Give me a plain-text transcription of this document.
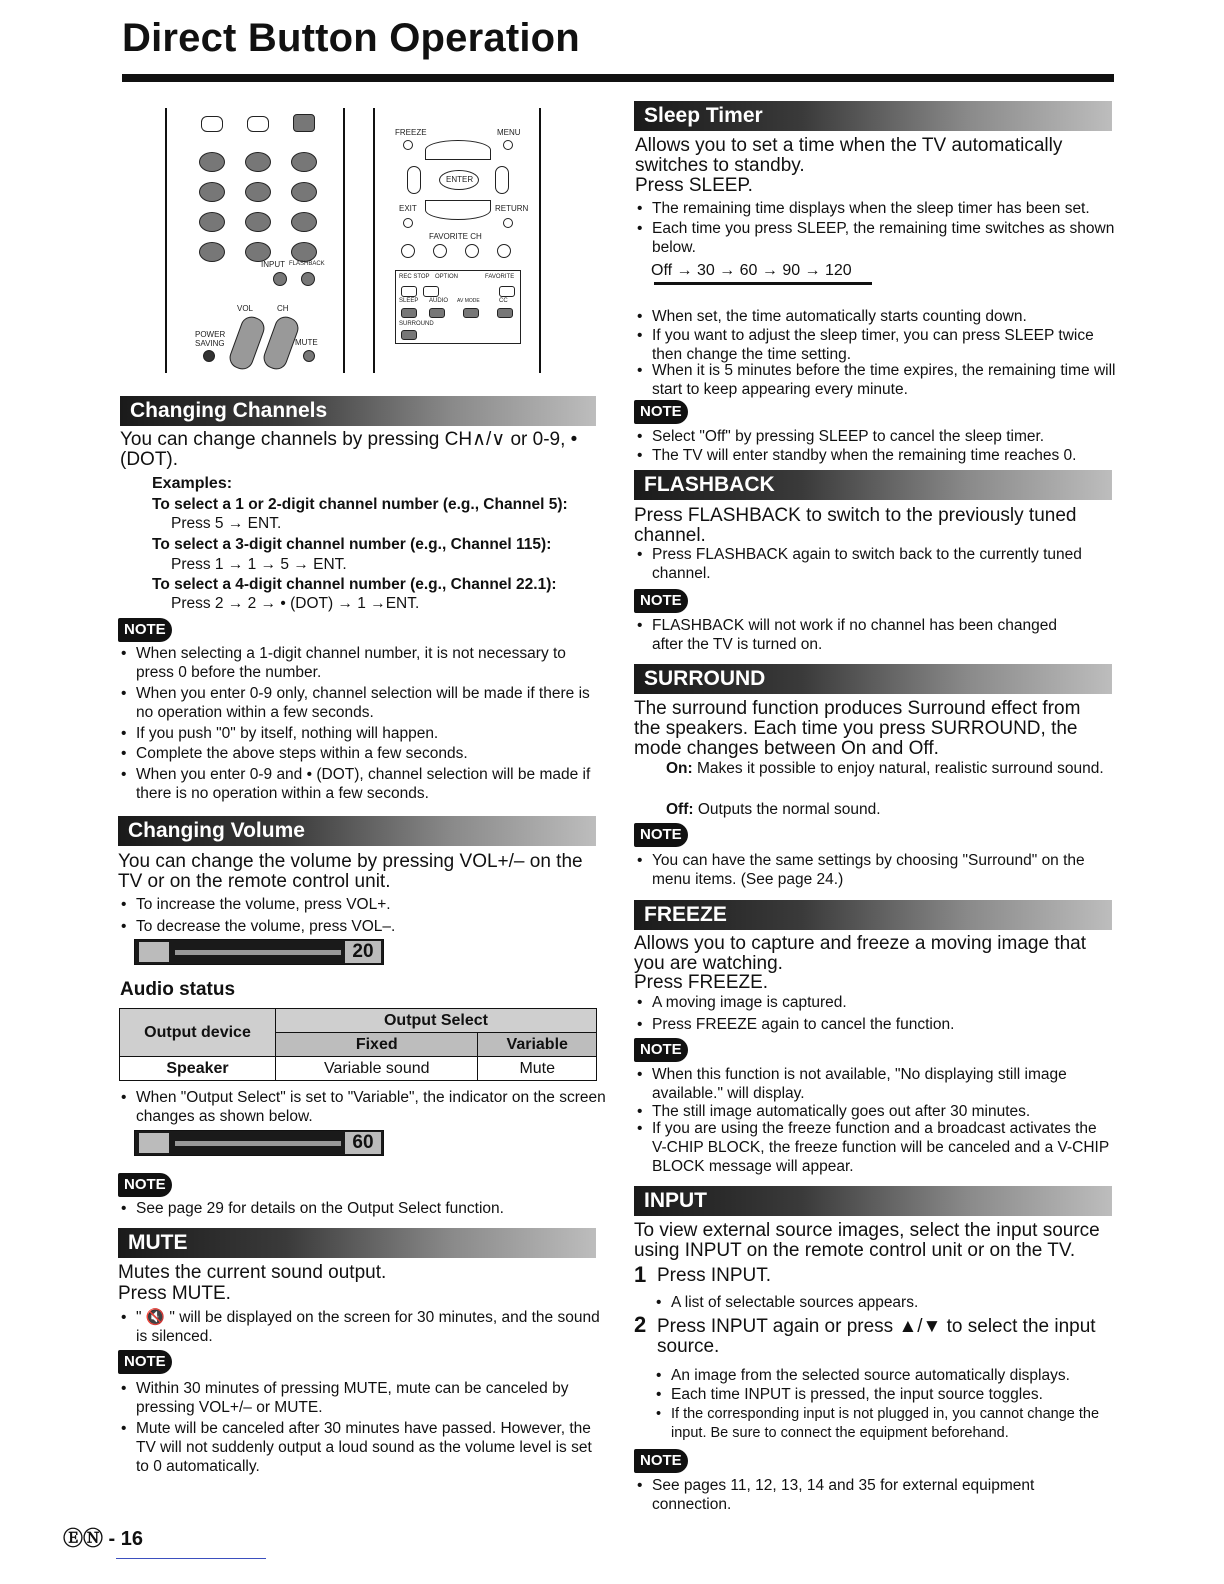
Direct Button Operation
INPUT FLASHBACK
VOL	CH
POWER
SAVING	MUTE
FREEZE	MENU
ENTER
EXIT	RETURN
FAVORITE CH
REC STOP OPTION	FAVORITE
SLEEP AUDIO AV MODE	CC
SURROUND
Changing Channels

You can change channels by pressing CH∧/∨ or 0-9, • (DOT).

Examples:

To select a 1 or 2-digit channel number (e.g., Channel 5):

Press 5 → ENT.

To select a 3-digit channel number (e.g., Channel 115):

Press 1 → 1 → 5 → ENT.

To select a 4-digit channel number (e.g., Channel 22.1):

Press 2 → 2 → • (DOT) → 1 →ENT.

NOTE

• When selecting a 1-digit channel number, it is not necessary to press 0 before the number.

• When you enter 0-9 only, channel selection will be made if there is no operation within a few seconds.

• If you push "0" by itself, nothing will happen.

• Complete the above steps within a few seconds.

• When you enter 0-9 and • (DOT), channel selection will be made if there is no operation within a few seconds.

Changing Volume

You can change the volume by pressing VOL+/– on the TV or on the remote control unit.

• To increase the volume, press VOL+.

• To decrease the volume, press VOL–.

20

Audio status

Output device	Output Select	
	Fixed	Variable
Speaker	Variable sound	Mute

• When "Output Select" is set to "Variable", the indicator on the screen changes as shown below.

60
NOTE

• See page 29 for details on the Output Select function.

MUTE

Mutes the current sound output.

Press MUTE.

• " 🔇 " will be displayed on the screen for 30 minutes, and the sound is silenced.

NOTE

• Within 30 minutes of pressing MUTE, mute can be canceled by pressing VOL+/– or MUTE.

• Mute will be canceled after 30 minutes have passed. However, the TV will not suddenly output a loud sound as the volume level is set to 0 automatically.

Sleep Timer

Allows you to set a time when the TV automatically switches to standby.

Press SLEEP.

• The remaining time displays when the sleep timer has been set.

• Each time you press SLEEP, the remaining time switches as shown below.

Off → 30 → 60 → 90 → 120

• When set, the time automatically starts counting down.

• If you want to adjust the sleep timer, you can press SLEEP twice then change the time setting.

• When it is 5 minutes before the time expires, the remaining time will start to keep appearing every minute.

NOTE

• Select "Off" by pressing SLEEP to cancel the sleep timer.

• The TV will enter standby when the remaining time reaches 0.

FLASHBACK

Press FLASHBACK to switch to the previously tuned channel.

• Press FLASHBACK again to switch back to the currently tuned channel.

NOTE

• FLASHBACK will not work if no channel has been changed after the TV is turned on.

SURROUND

The surround function produces Surround effect from the speakers. Each time you press SURROUND, the mode changes between On and Off.

On: Makes it possible to enjoy natural, realistic surround sound.

Off: Outputs the normal sound.

NOTE

• You can have the same settings by choosing "Surround" on the menu items. (See page 24.)

FREEZE

Allows you to capture and freeze a moving image that you are watching.

Press FREEZE.

• A moving image is captured.

• Press FREEZE again to cancel the function.

NOTE

• When this function is not available, "No displaying still image available." will display.

• The still image automatically goes out after 30 minutes.

• If you are using the freeze function and a broadcast activates the V-CHIP BLOCK, the freeze function will be canceled and a V-CHIP BLOCK message will appear.

INPUT

To view external source images, select the input source using INPUT on the remote control unit or on the TV.

1 Press INPUT.

• A list of selectable sources appears.

2 Press INPUT again or press ▲/▼ to select the input source.

• An image from the selected source automatically displays.

• Each time INPUT is pressed, the input source toggles.

• If the corresponding input is not plugged in, you cannot change the input. Be sure to connect the equipment beforehand.

NOTE

• See pages 11, 12, 13, 14 and 35 for external equipment connection.

ⒺⓃ - 16
